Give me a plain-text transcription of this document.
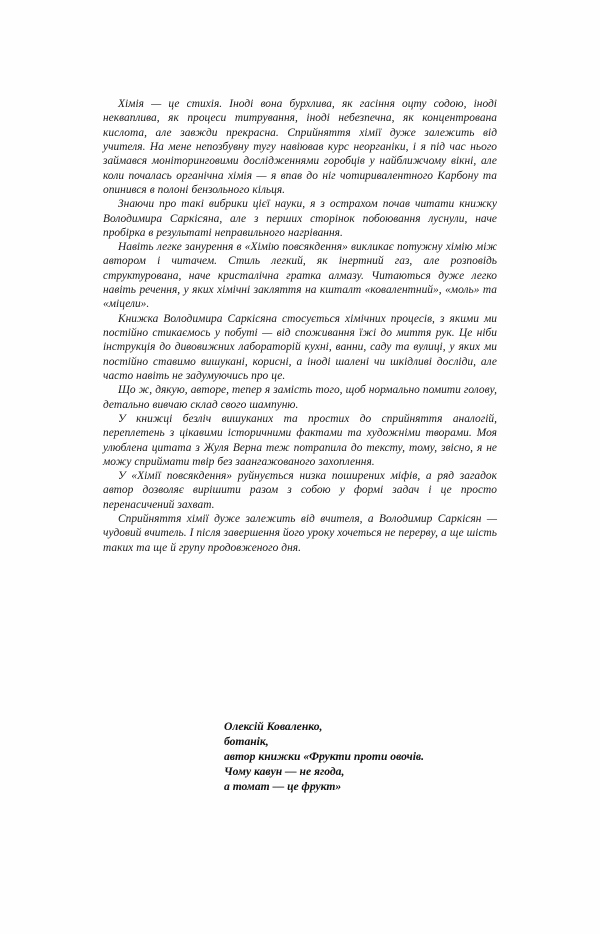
Хімія — це стихія. Іноді вона бурхлива, як гасіння оцту содою, іноді некваплива, як процеси титрування, іноді небезпечна, як концентрована кислота, але завжди прекрасна. Сприйняття хімії дуже залежить від учителя. На мене непозбувну тугу навіював курс неорганіки, і я під час нього займався моніторинговими дослідженнями горобців у найближчому вікні, але коли почалась органічна хімія — я впав до ніг чотиривалентного Карбону та опинився в полоні бензольного кільця.

Знаючи про такі вибрики цієї науки, я з острахом почав читати книжку Володимира Саркісяна, але з перших сторінок побоювання луснули, наче пробірка в результаті неправильного нагрівання.

Навіть легке занурення в «Хімію повсякдення» викликає потужну хімію між автором і читачем. Стиль легкий, як інертний газ, але розповідь структурована, наче кристалічна гратка алмазу. Читаються дуже легко навіть речення, у яких хімічні закляття на кшталт «ковалентний», «моль» та «міцели».

Книжка Володимира Саркісяна стосується хімічних процесів, з якими ми постійно стикаємось у побуті — від споживання їжі до миття рук. Це ніби інструкція до дивовижних лабораторій кухні, ванни, саду та вулиці, у яких ми постійно ставимо вишукані, корисні, а іноді шалені чи шкідливі досліди, але часто навіть не задумуючись про це.

Що ж, дякую, авторе, тепер я замість того, щоб нормально помити голову, детально вивчаю склад свого шампуню.

У книжці безліч вишуканих та простих до сприйняття аналогій, переплетень з цікавими історичними фактами та художніми творами. Моя улюблена цитата з Жуля Верна теж потрапила до тексту, тому, звісно, я не можу сприймати твір без заангажованого захоплення.

У «Хімії повсякдення» руйнується низка поширених міфів, а ряд загадок автор дозволяє вирішити разом з собою у формі задач і це просто перенасичений захват.

Сприйняття хімії дуже залежить від вчителя, а Володимир Саркісян — чудовий вчитель. І після завершення його уроку хочеться не перерву, а ще шість таких та ще й групу продовженого дня.

Олексій Коваленко,

ботанік,

автор книжки «Фрукти проти овочів.

Чому кавун — не ягода,

а томат — це фрукт»
